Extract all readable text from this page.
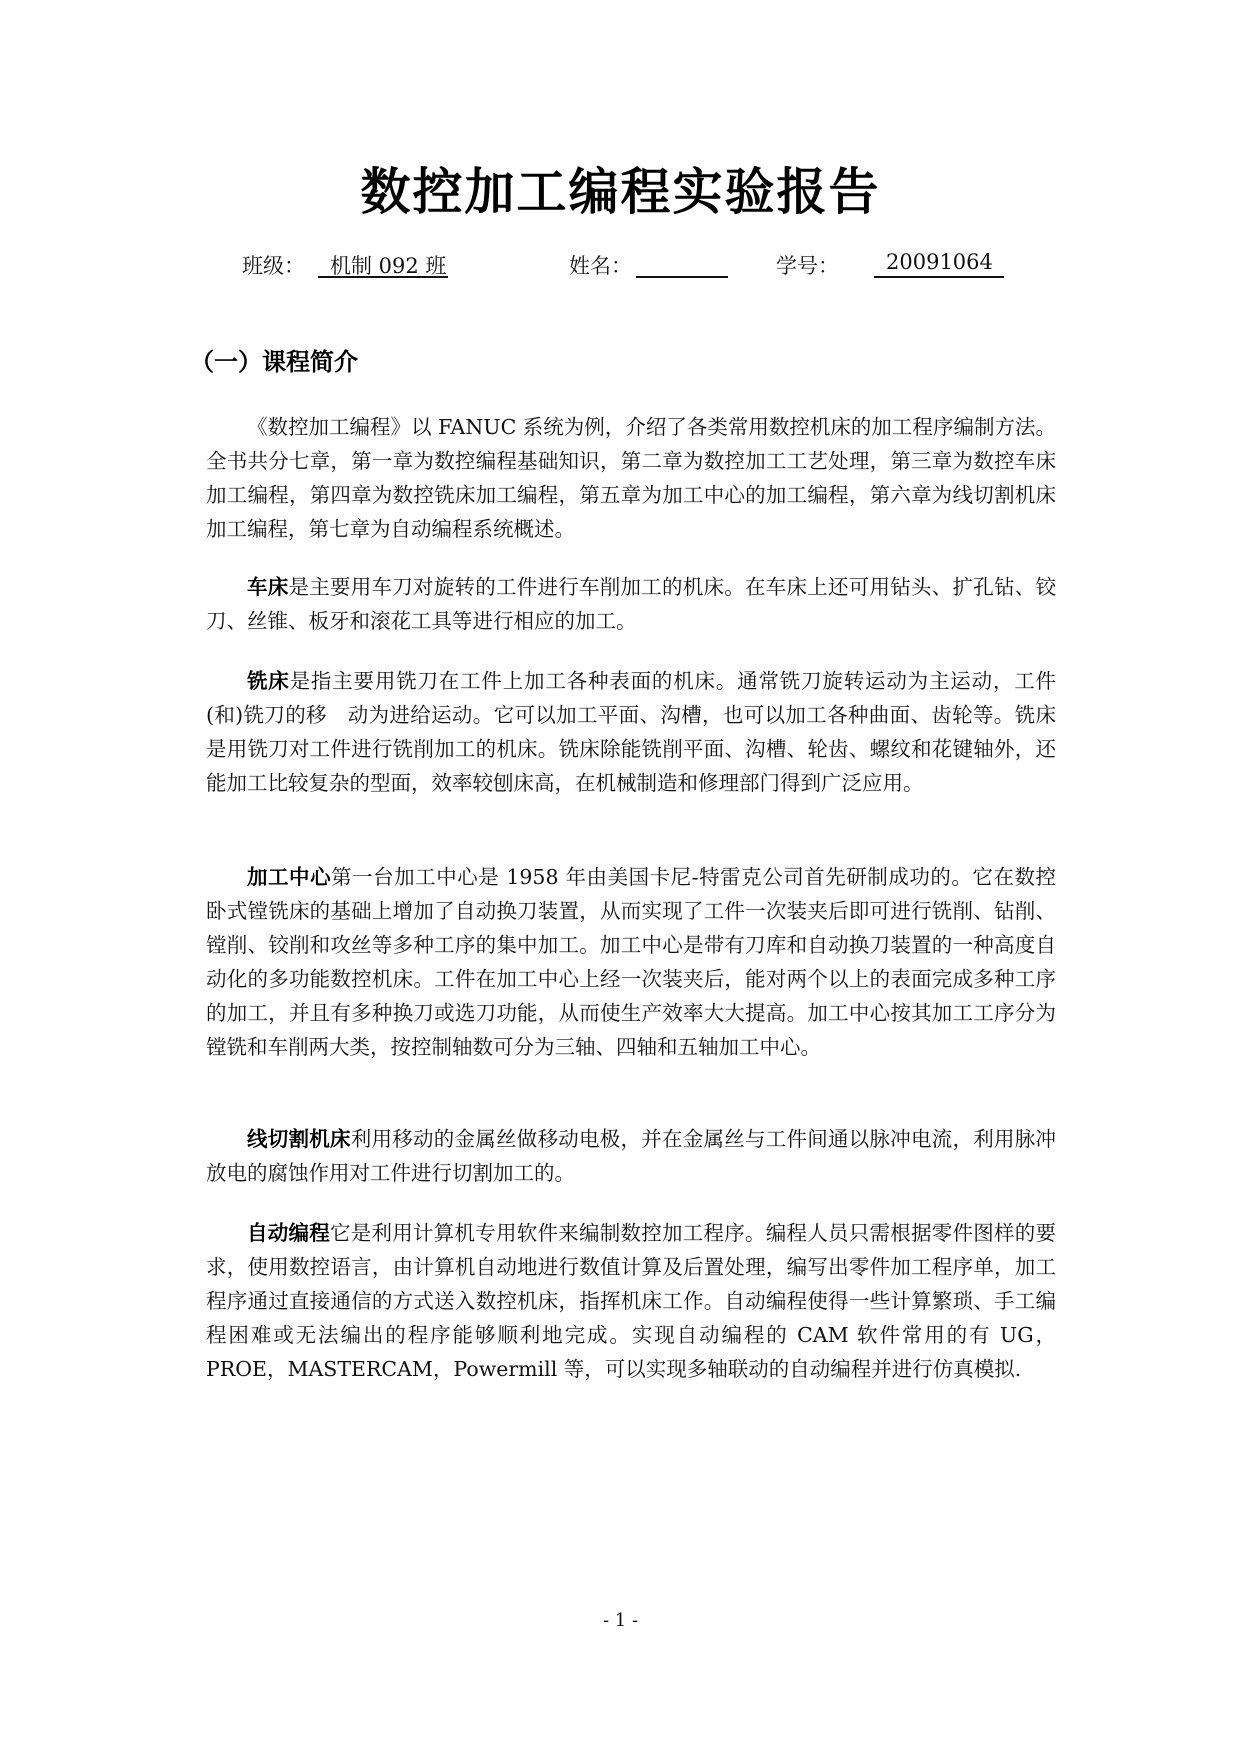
数控加工编程实验报告
班级：	机制 092 班	姓名：	学号：	20091064
（一）课程简介

《数控加工编程》以 FANUC 系统为例，介绍了各类常用数控机床的加工程序编制方法。全书共分七章，第一章为数控编程基础知识，第二章为数控加工工艺处理，第三章为数控车床加工编程，第四章为数控铣床加工编程，第五章为加工中心的加工编程，第六章为线切割机床加工编程，第七章为自动编程系统概述。

车床是主要用车刀对旋转的工件进行车削加工的机床。在车床上还可用钻头、扩孔钻、铰刀、丝锥、板牙和滚花工具等进行相应的加工。

铣床是指主要用铣刀在工件上加工各种表面的机床。通常铣刀旋转运动为主运动，工件(和)铣刀的移　动为进给运动。它可以加工平面、沟槽，也可以加工各种曲面、齿轮等。铣床是用铣刀对工件进行铣削加工的机床。铣床除能铣削平面、沟槽、轮齿、螺纹和花键轴外，还能加工比较复杂的型面，效率较刨床高，在机械制造和修理部门得到广泛应用。

加工中心第一台加工中心是 1958 年由美国卡尼-特雷克公司首先研制成功的。它在数控卧式镗铣床的基础上增加了自动换刀装置，从而实现了工件一次装夹后即可进行铣削、钻削、镗削、铰削和攻丝等多种工序的集中加工。加工中心是带有刀库和自动换刀装置的一种高度自动化的多功能数控机床。工件在加工中心上经一次装夹后，能对两个以上的表面完成多种工序的加工，并且有多种换刀或选刀功能，从而使生产效率大大提高。加工中心按其加工工序分为镗铣和车削两大类，按控制轴数可分为三轴、四轴和五轴加工中心。

线切割机床利用移动的金属丝做移动电极，并在金属丝与工件间通以脉冲电流，利用脉冲放电的腐蚀作用对工件进行切割加工的。

自动编程它是利用计算机专用软件来编制数控加工程序。编程人员只需根据零件图样的要求，使用数控语言，由计算机自动地进行数值计算及后置处理，编写出零件加工程序单，加工程序通过直接通信的方式送入数控机床，指挥机床工作。自动编程使得一些计算繁琐、手工编程困难或无法编出的程序能够顺利地完成。实现自动编程的 CAM 软件常用的有 UG，PROE，MASTERCAM，Powermill 等，可以实现多轴联动的自动编程并进行仿真模拟.

- 1 -
